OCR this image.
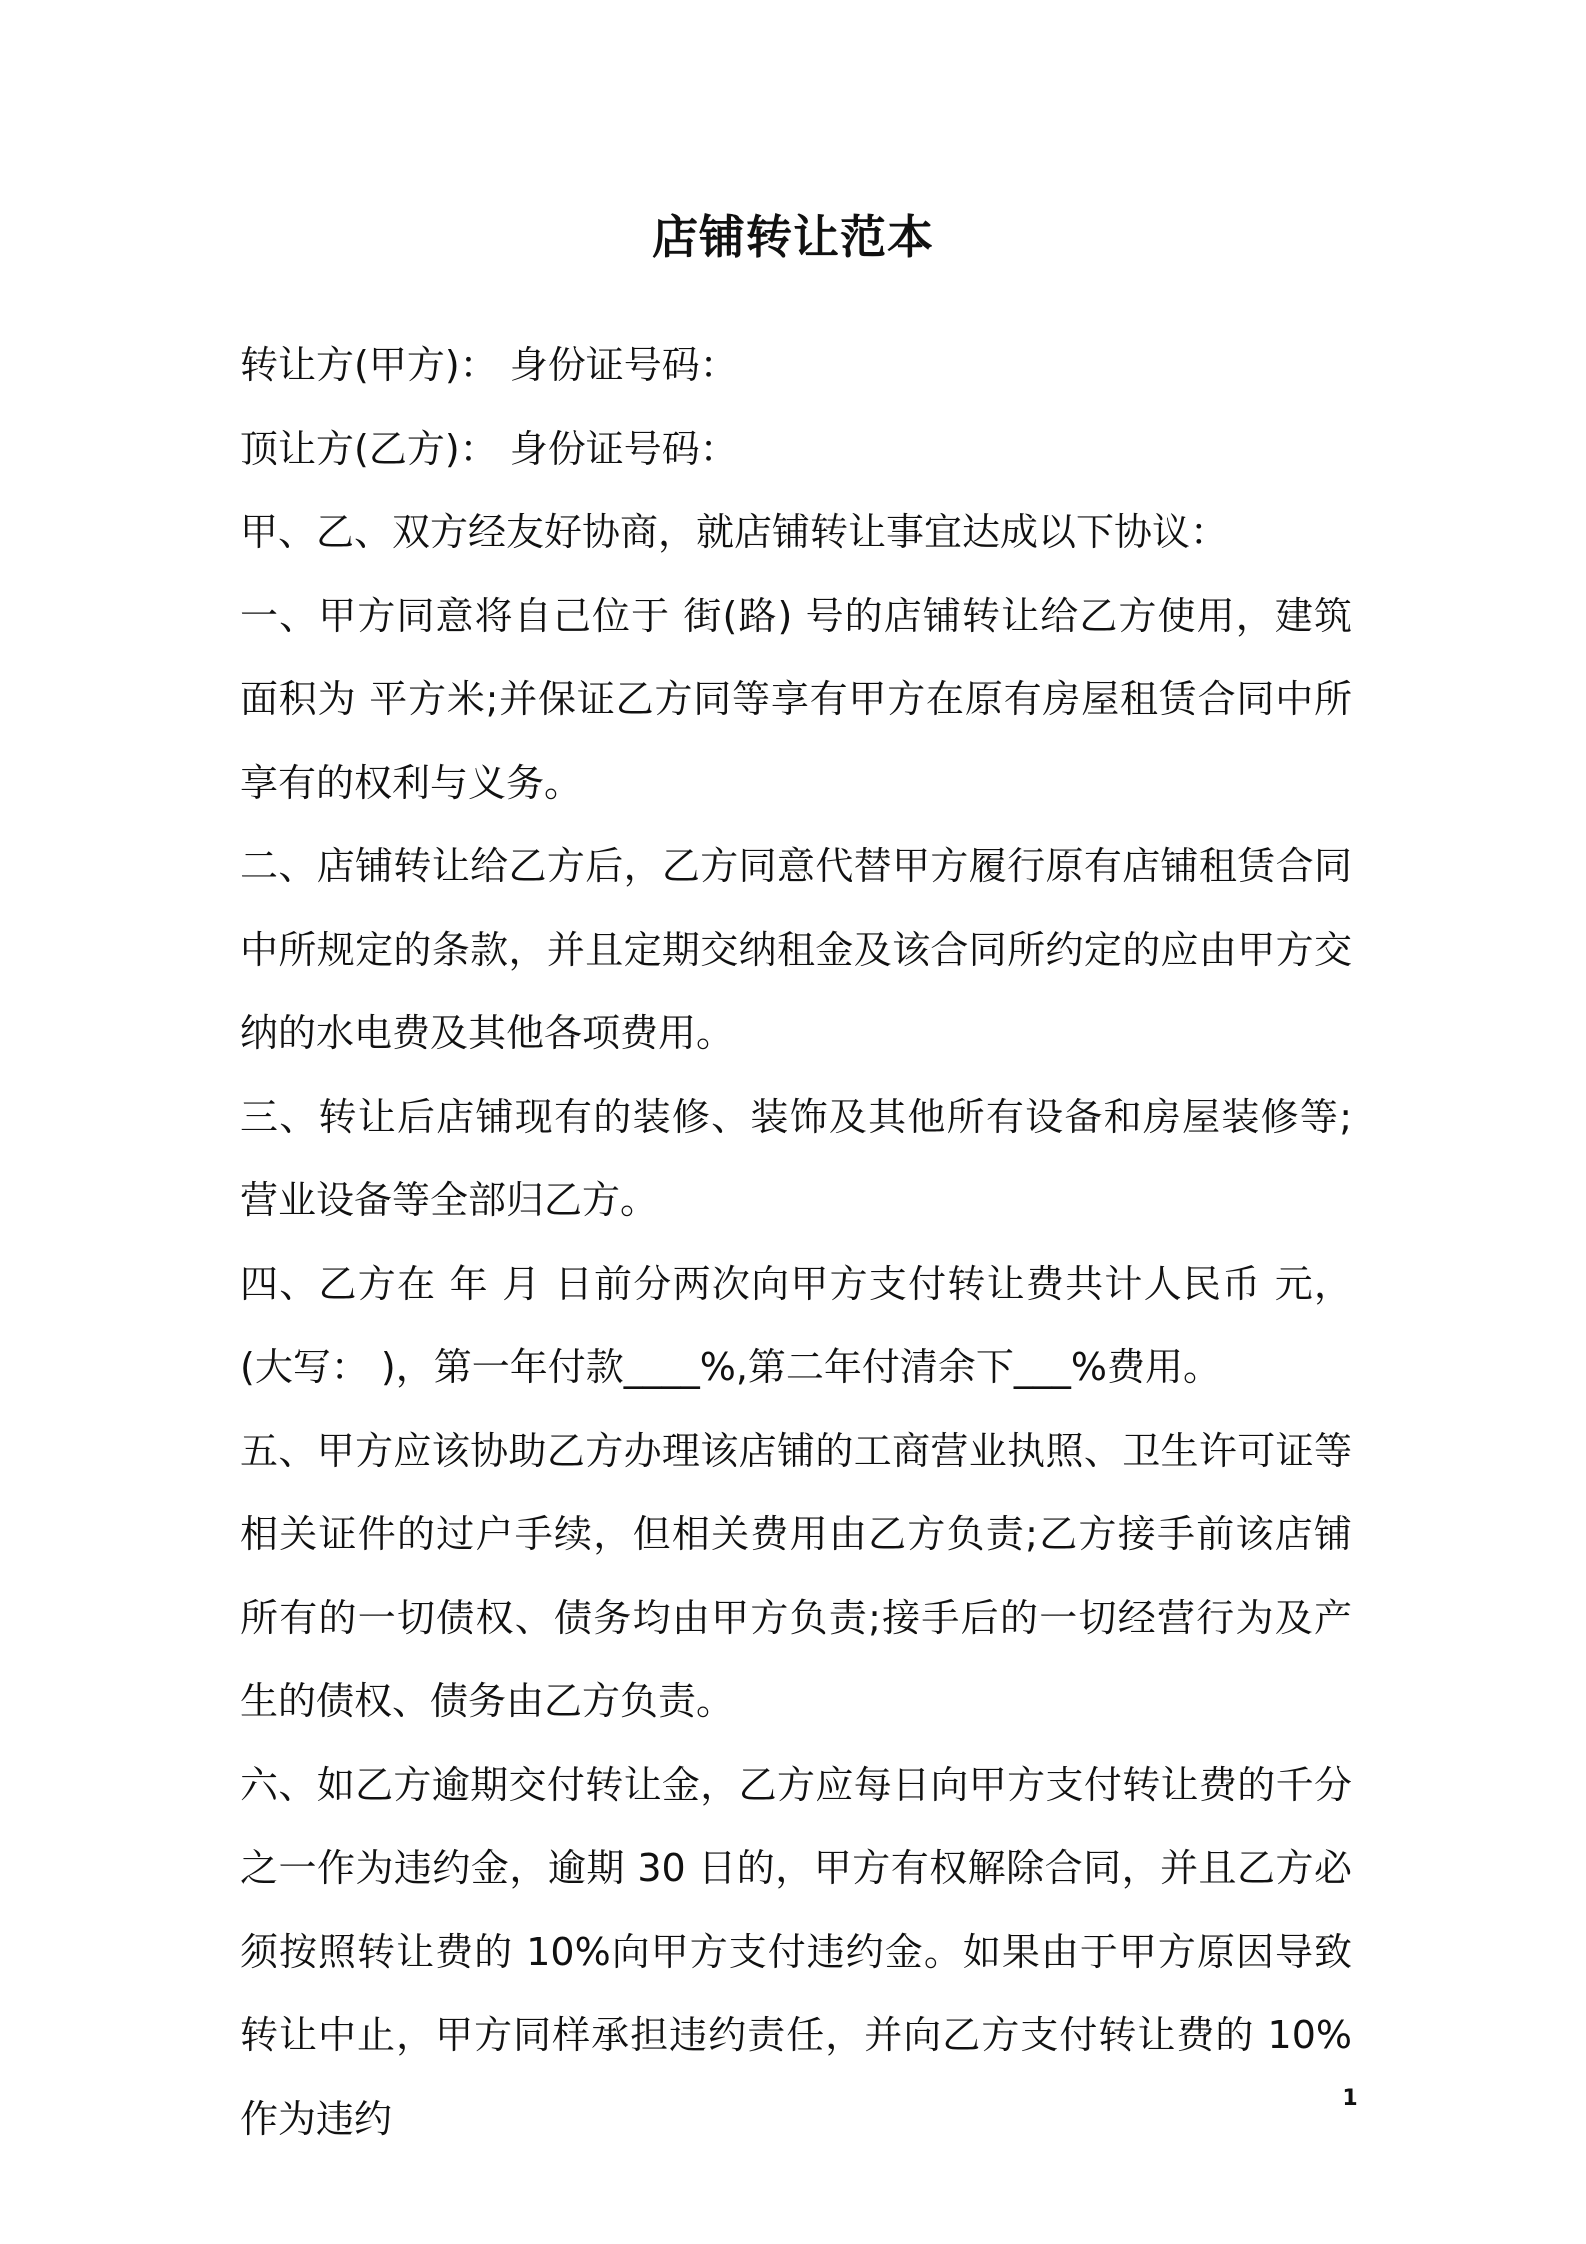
店铺转让范本

转让方(甲方)： 身份证号码：

顶让方(乙方)： 身份证号码：

甲、乙、双方经友好协商，就店铺转让事宜达成以下协议：

一、甲方同意将自己位于 街(路) 号的店铺转让给乙方使用，建筑面积为 平方米;并保证乙方同等享有甲方在原有房屋租赁合同中所享有的权利与义务。

二、店铺转让给乙方后，乙方同意代替甲方履行原有店铺租赁合同中所规定的条款，并且定期交纳租金及该合同所约定的应由甲方交纳的水电费及其他各项费用。

三、转让后店铺现有的装修、装饰及其他所有设备和房屋装修等;营业设备等全部归乙方。

四、乙方在 年 月 日前分两次向甲方支付转让费共计人民币 元，(大写： )，第一年付款____%,第二年付清余下___%费用。

五、甲方应该协助乙方办理该店铺的工商营业执照、卫生许可证等相关证件的过户手续，但相关费用由乙方负责;乙方接手前该店铺所有的一切债权、债务均由甲方负责;接手后的一切经营行为及产生的债权、债务由乙方负责。

六、如乙方逾期交付转让金，乙方应每日向甲方支付转让费的千分之一作为违约金，逾期 30 日的，甲方有权解除合同，并且乙方必须按照转让费的 10%向甲方支付违约金。如果由于甲方原因导致转让中止，甲方同样承担违约责任，并向乙方支付转让费的 10%作为违约	1
